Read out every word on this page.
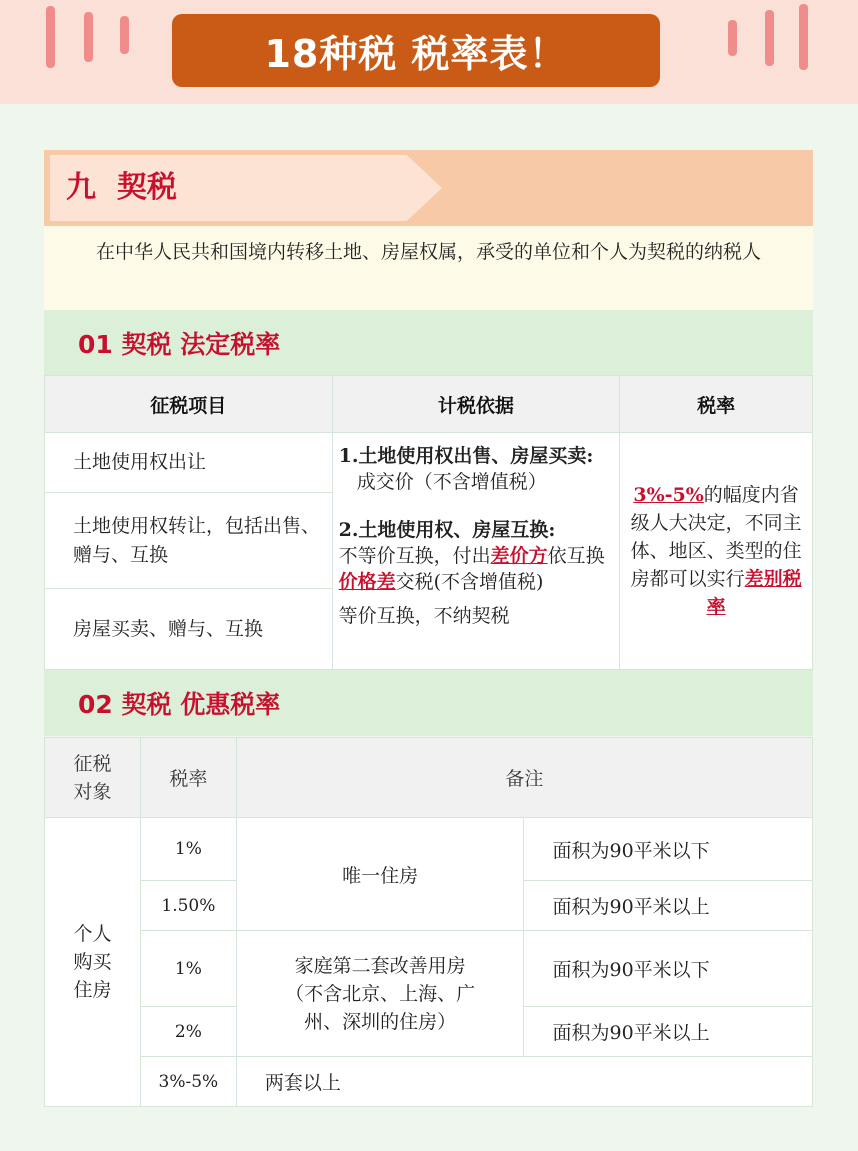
18种税 税率表！
九  契税
在中华人民共和国境内转移土地、房屋权属，承受的单位和个人为契税的纳税人
01 契税 法定税率
征税项目	计税依据	税率
土地使用权出让	1.土地使用权出售、房屋买卖:    成交价（不含增值税）
2.土地使用权、房屋互换:
不等价互换，付出差价方依互换价格差交税(不含增值税)
等价互换，不纳契税	3%-5%的幅度内省级人大决定，不同主体、地区、类型的住房都可以实行差别税率
土地使用权转让，包括出售、赠与、互换		
房屋买卖、赠与、互换		
02 契税 优惠税率
征税对象	税率	备注	
个人购买住房	1%	唯一住房	面积为90平米以下
	1.50%		面积为90平米以上
	1%	家庭第二套改善用房（不含北京、上海、广州、深圳的住房）	面积为90平米以下
	2%		面积为90平米以上
	3%-5%	两套以上	
